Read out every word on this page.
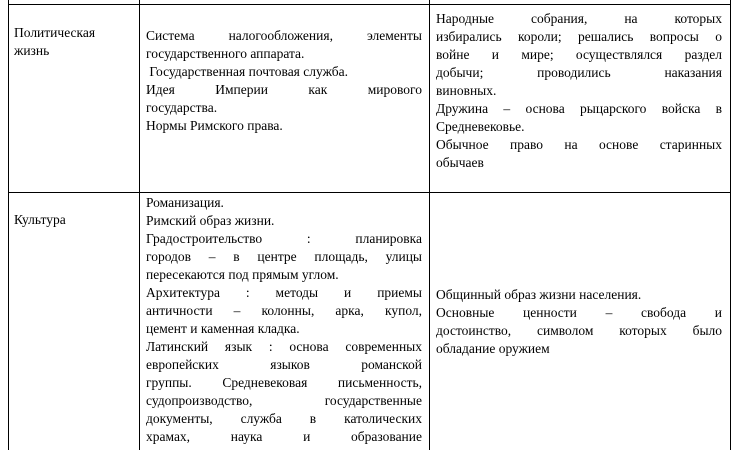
Политическая
жизнь
Система налогообложения, элементы
государственного аппарата.
Государственная почтовая служба.
Идея Империи как мирового
государства.
Нормы Римского права.
Народные собрания, на которых
избирались короли; решались вопросы о
войне и мире; осуществлялся раздел
добычи; проводились наказания
виновных.
Дружина – основа рыцарского войска в
Средневековье.
Обычное право на основе старинных
обычаев
Культура
Романизация.
Римский образ жизни.
Градостроительство : планировка
городов – в центре площадь, улицы
пересекаются под прямым углом.
Архитектура : методы и приемы
античности – колонны, арка, купол,
цемент и каменная кладка.
Латинский язык : основа современных
европейских языков романской
группы. Средневековая письменность,
судопроизводство, государственные
документы, служба в католических
храмах, наука и образование
Общинный образ жизни населения.
Основные ценности – свобода и
достоинство, символом которых было
обладание оружием
